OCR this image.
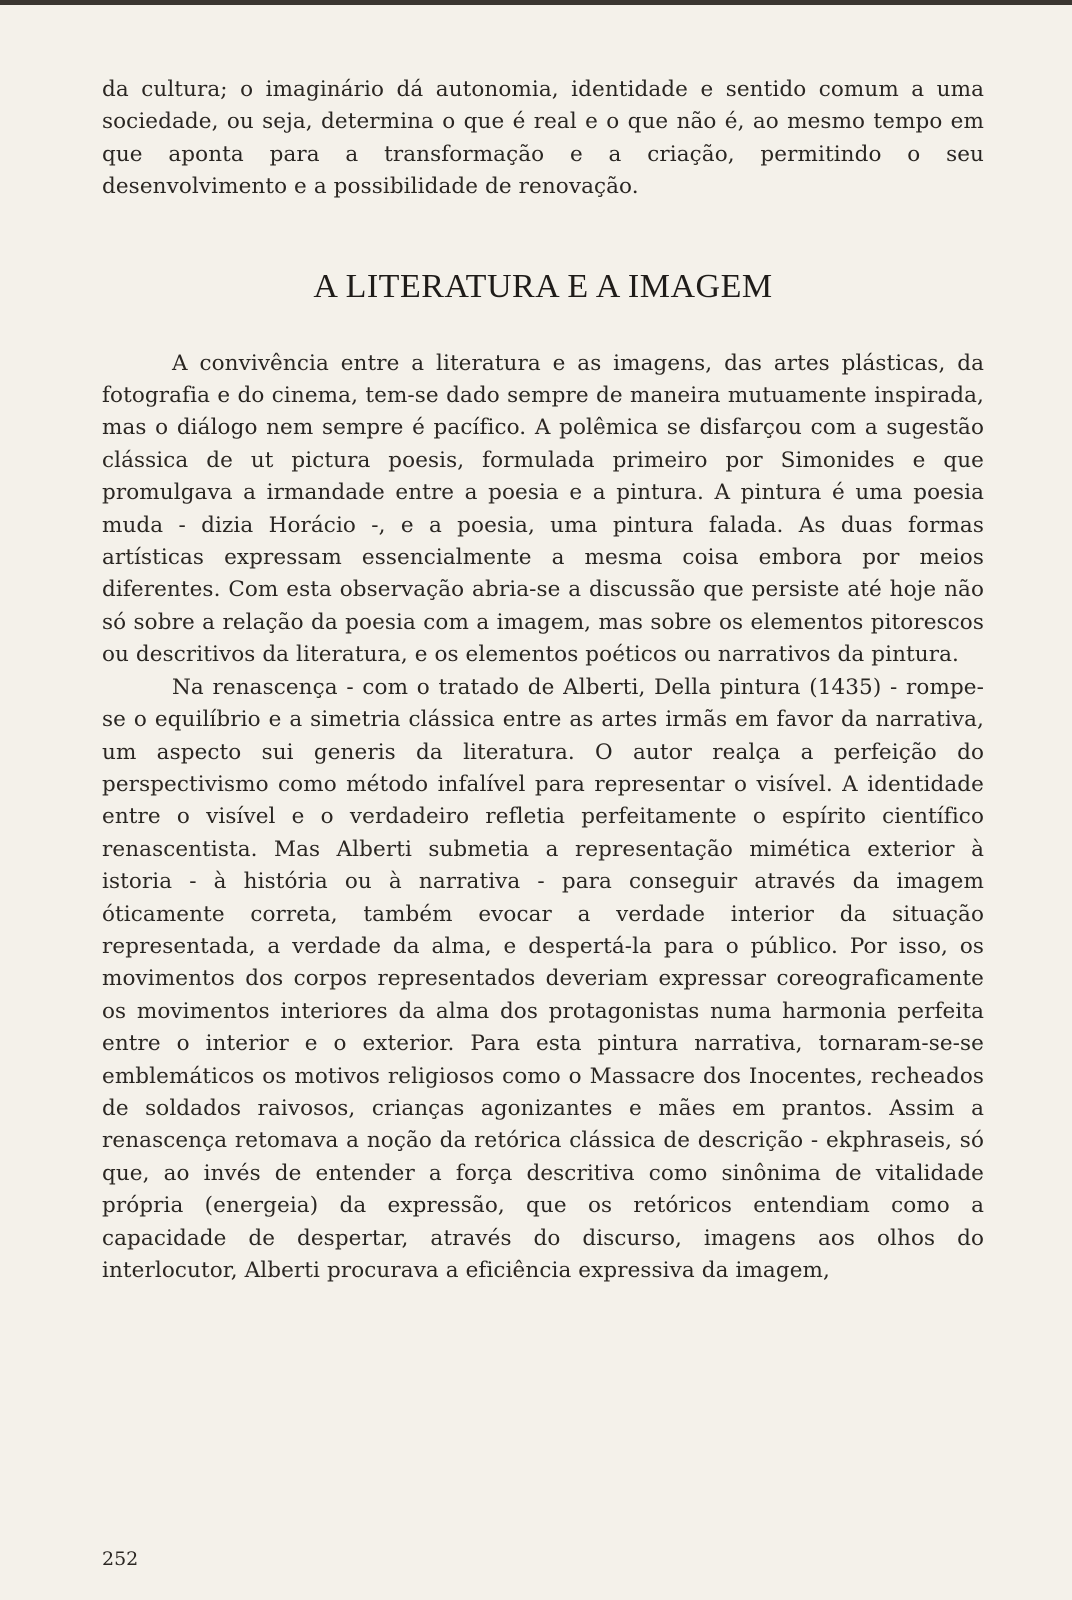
da cultura; o imaginário dá autonomia, identidade e sentido comum a uma sociedade, ou seja, determina o que é real e o que não é, ao mesmo tempo em que aponta para a transformação e a criação, permitindo o seu desenvolvimento e a possibilidade de renovação.

A LITERATURA E A IMAGEM

A convivência entre a literatura e as imagens, das artes plásticas, da fotografia e do cinema, tem-se dado sempre de maneira mutuamente inspirada, mas o diálogo nem sempre é pacífico. A polêmica se disfarçou com a sugestão clássica de ut pictura poesis, formulada primeiro por Simonides e que promulgava a irmandade entre a poesia e a pintura. A pintura é uma poesia muda - dizia Horácio -, e a poesia, uma pintura falada. As duas formas artísticas expressam essencialmente a mesma coisa embora por meios diferentes. Com esta observação abria-se a discussão que persiste até hoje não só sobre a relação da poesia com a imagem, mas sobre os elementos pitorescos ou descritivos da literatura, e os elementos poéticos ou narrativos da pintura.

Na renascença - com o tratado de Alberti, Della pintura (1435) - rompe-se o equilíbrio e a simetria clássica entre as artes irmãs em favor da narrativa, um aspecto sui generis da literatura. O autor realça a perfeição do perspectivismo como método infalível para representar o visível. A identidade entre o visível e o verdadeiro refletia perfeitamente o espírito científico renascentista. Mas Alberti submetia a representação mimética exterior à istoria - à história ou à narrativa - para conseguir através da imagem óticamente correta, também evocar a verdade interior da situação representada, a verdade da alma, e despertá-la para o público. Por isso, os movimentos dos corpos representados deveriam expressar coreograficamente os movimentos interiores da alma dos protagonistas numa harmonia perfeita entre o interior e o exterior. Para esta pintura narrativa, tornaram-se-se emblemáticos os motivos religiosos como o Massacre dos Inocentes, recheados de soldados raivosos, crianças agonizantes e mães em prantos. Assim a renascença retomava a noção da retórica clássica de descrição - ekphraseis, só que, ao invés de entender a força descritiva como sinônima de vitalidade própria (energeia) da expressão, que os retóricos entendiam como a capacidade de despertar, através do discurso, imagens aos olhos do interlocutor, Alberti procurava a eficiência expressiva da imagem,

252
